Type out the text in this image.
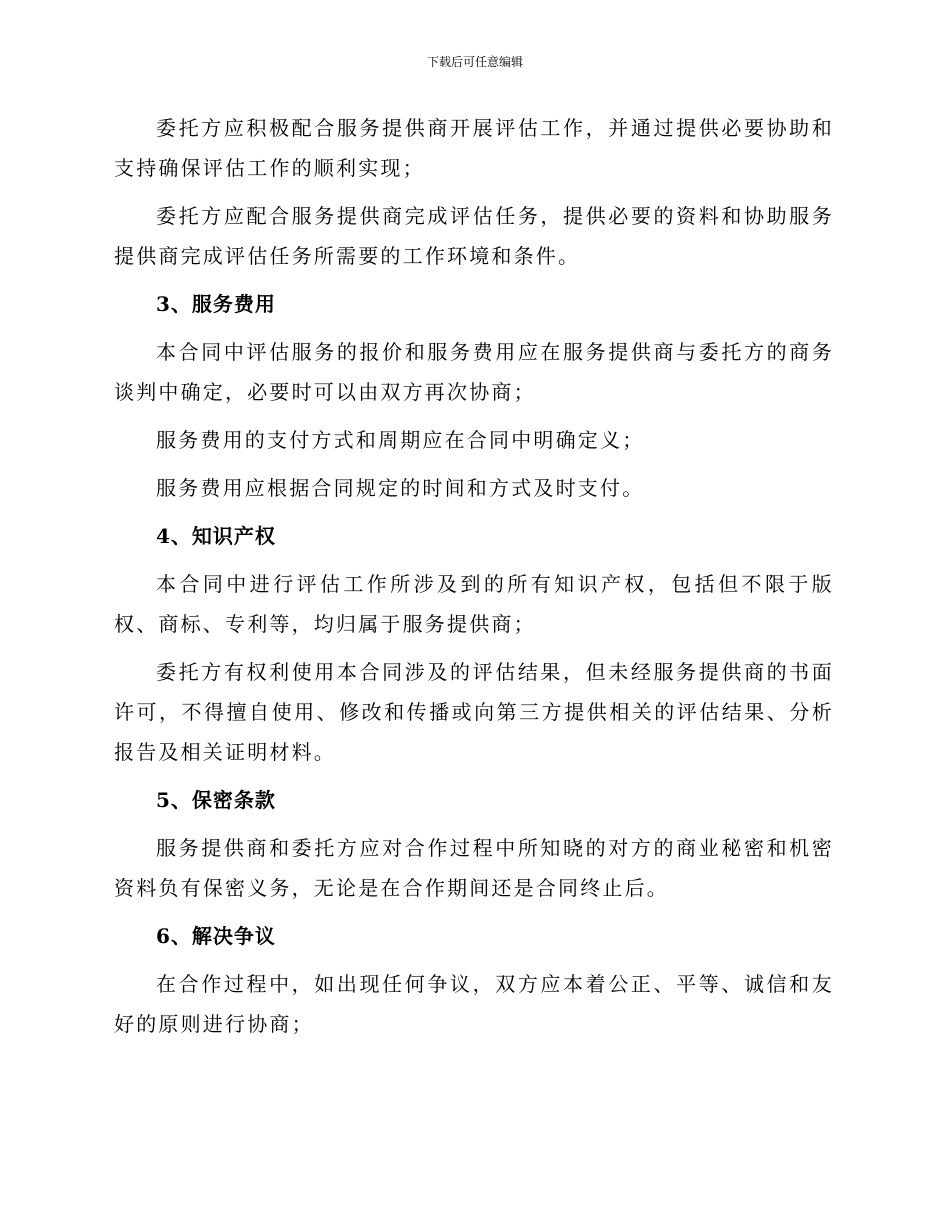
下载后可任意编辑

委托方应积极配合服务提供商开展评估工作，并通过提供必要协助和支持确保评估工作的顺利实现；

委托方应配合服务提供商完成评估任务，提供必要的资料和协助服务提供商完成评估任务所需要的工作环境和条件。

3、服务费用

本合同中评估服务的报价和服务费用应在服务提供商与委托方的商务谈判中确定，必要时可以由双方再次协商；

服务费用的支付方式和周期应在合同中明确定义；

服务费用应根据合同规定的时间和方式及时支付。

4、知识产权

本合同中进行评估工作所涉及到的所有知识产权，包括但不限于版权、商标、专利等，均归属于服务提供商；

委托方有权利使用本合同涉及的评估结果，但未经服务提供商的书面许可，不得擅自使用、修改和传播或向第三方提供相关的评估结果、分析报告及相关证明材料。

5、保密条款

服务提供商和委托方应对合作过程中所知晓的对方的商业秘密和机密资料负有保密义务，无论是在合作期间还是合同终止后。

6、解决争议

在合作过程中，如出现任何争议，双方应本着公正、平等、诚信和友好的原则进行协商；
